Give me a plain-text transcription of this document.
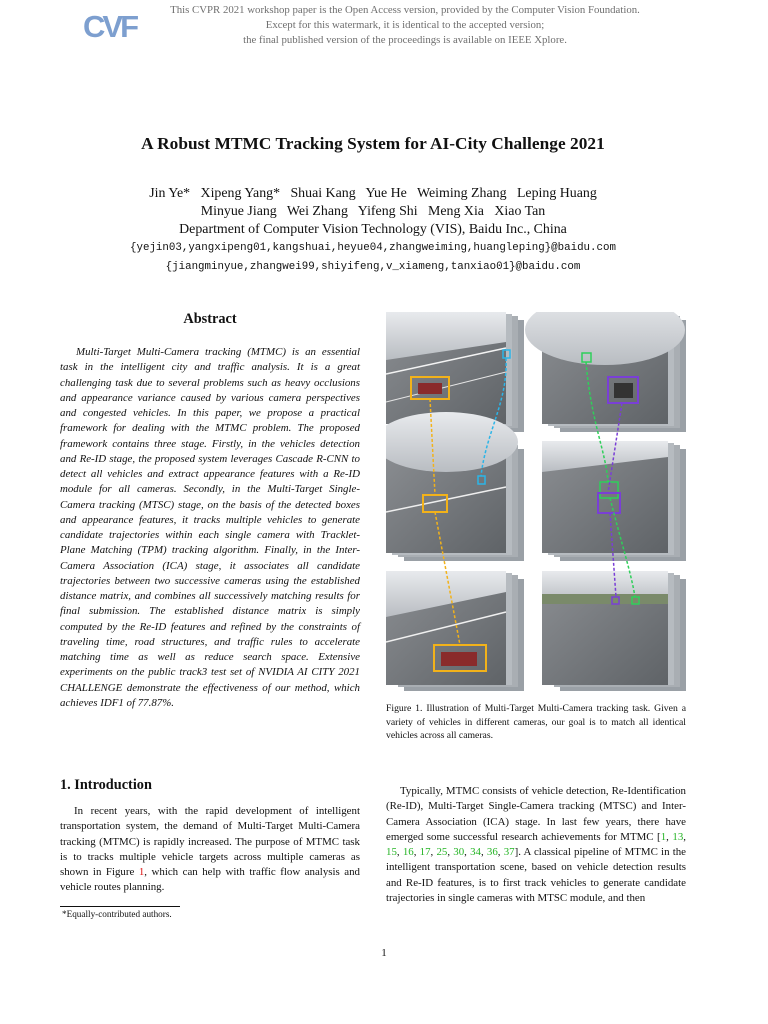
CVF	This CVPR 2021 workshop paper is the Open Access version, provided by the Computer Vision Foundation.
Except for this watermark, it is identical to the accepted version;
the final published version of the proceedings is available on IEEE Xplore.
A Robust MTMC Tracking System for AI-City Challenge 2021
Jin Ye*   Xipeng Yang*   Shuai Kang   Yue He   Weiming Zhang   Leping Huang
Minyue Jiang   Wei Zhang   Yifeng Shi   Meng Xia   Xiao Tan
Department of Computer Vision Technology (VIS), Baidu Inc., China
{yejin03,yangxipeng01,kangshuai,heyue04,zhangweiming,huangleping}@baidu.com
{jiangminyue,zhangwei99,shiyifeng,v_xiameng,tanxiao01}@baidu.com
Abstract

Multi-Target Multi-Camera tracking (MTMC) is an essential task in the intelligent city and traffic analysis. It is a great challenging task due to several problems such as heavy occlusions and appearance variance caused by various camera perspectives and congested vehicles. In this paper, we propose a practical framework for dealing with the MTMC problem. The proposed framework contains three stage. Firstly, in the vehicles detection and Re-ID stage, the proposed system leverages Cascade R-CNN to detect all vehicles and extract appearance features with a Re-ID module for all cameras. Secondly, in the Multi-Target Single-Camera tracking (MTSC) stage, on the basis of the detected boxes and appearance features, it tracks multiple vehicles to generate candidate trajectories within each single camera with Tracklet-Plane Matching (TPM) tracking algorithm. Finally, in the Inter-Camera Association (ICA) stage, it associates all candidate trajectories between two successive cameras using the established distance matrix, and combines all successively matching results for final submission. The established distance matrix is simply computed by the Re-ID features and refined by the constraints of traveling time, road structures, and traffic rules to accelerate matching time as well as reduce search space. Extensive experiments on the public track3 test set of NVIDIA AI CITY 2021 CHALLENGE demonstrate the effectiveness of our method, which achieves IDF1 of 77.87%.

1. Introduction

In recent years, with the rapid development of intelligent transportation system, the demand of Multi-Target Multi-Camera tracking (MTMC) is rapidly increased. The purpose of MTMC task is to tracks multiple vehicle targets across multiple cameras as shown in Figure 1, which can help with traffic flow analysis and vehicle routes planning.

*Equally-contributed authors.
Figure 1. Illustration of Multi-Target Multi-Camera tracking task. Given a variety of vehicles in different cameras, our goal is to match all identical vehicles across all cameras.

Typically, MTMC consists of vehicle detection, Re-Identification (Re-ID), Multi-Target Single-Camera tracking (MTSC) and Inter-Camera Association (ICA) stage. In last few years, there have emerged some successful research achievements for MTMC [1, 13, 15, 16, 17, 25, 30, 34, 36, 37]. A classical pipeline of MTMC in the intelligent transportation scene, based on vehicle detection results and Re-ID features, is to first track vehicles to generate candidate trajectories in single cameras with MTSC module, and then

1
